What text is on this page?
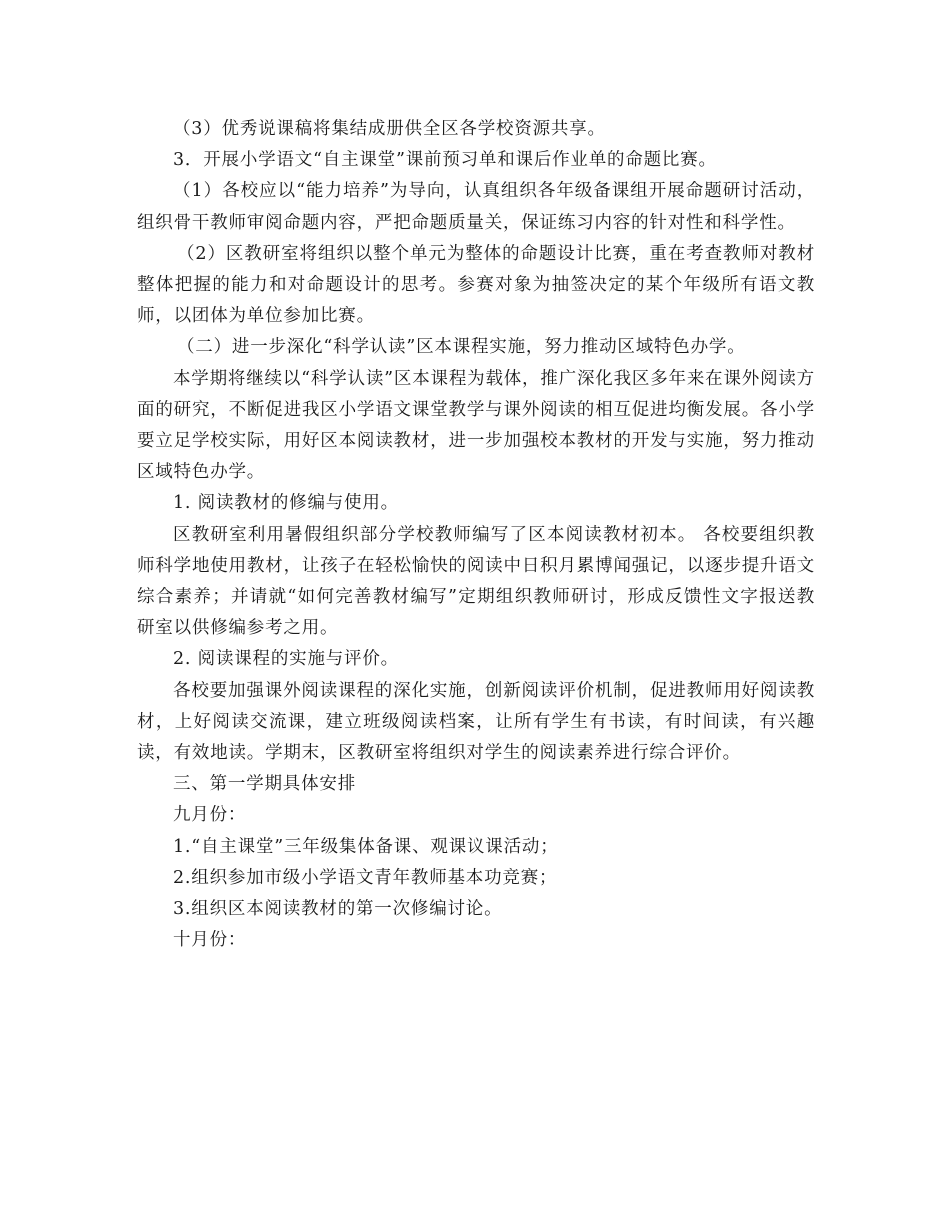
（3）优秀说课稿将集结成册供全区各学校资源共享。

3．开展小学语文“自主课堂”课前预习单和课后作业单的命题比赛。

（1）各校应以“能力培养”为导向，认真组织各年级备课组开展命题研讨活动，组织骨干教师审阅命题内容，严把命题质量关，保证练习内容的针对性和科学性。

（2）区教研室将组织以整个单元为整体的命题设计比赛，重在考查教师对教材整体把握的能力和对命题设计的思考。参赛对象为抽签决定的某个年级所有语文教师，以团体为单位参加比赛。

（二）进一步深化“科学认读”区本课程实施，努力推动区域特色办学。

本学期将继续以“科学认读”区本课程为载体，推广深化我区多年来在课外阅读方面的研究，不断促进我区小学语文课堂教学与课外阅读的相互促进均衡发展。各小学要立足学校实际，用好区本阅读教材，进一步加强校本教材的开发与实施，努力推动区域特色办学。

1. 阅读教材的修编与使用。

区教研室利用暑假组织部分学校教师编写了区本阅读教材初本。 各校要组织教师科学地使用教材，让孩子在轻松愉快的阅读中日积月累博闻强记，以逐步提升语文综合素养；并请就“如何完善教材编写”定期组织教师研讨，形成反馈性文字报送教研室以供修编参考之用。

2. 阅读课程的实施与评价。

各校要加强课外阅读课程的深化实施，创新阅读评价机制，促进教师用好阅读教材，上好阅读交流课，建立班级阅读档案，让所有学生有书读，有时间读，有兴趣读，有效地读。学期末，区教研室将组织对学生的阅读素养进行综合评价。

三、第一学期具体安排

九月份：

1.“自主课堂”三年级集体备课、观课议课活动；

2.组织参加市级小学语文青年教师基本功竞赛；

3.组织区本阅读教材的第一次修编讨论。

十月份：
